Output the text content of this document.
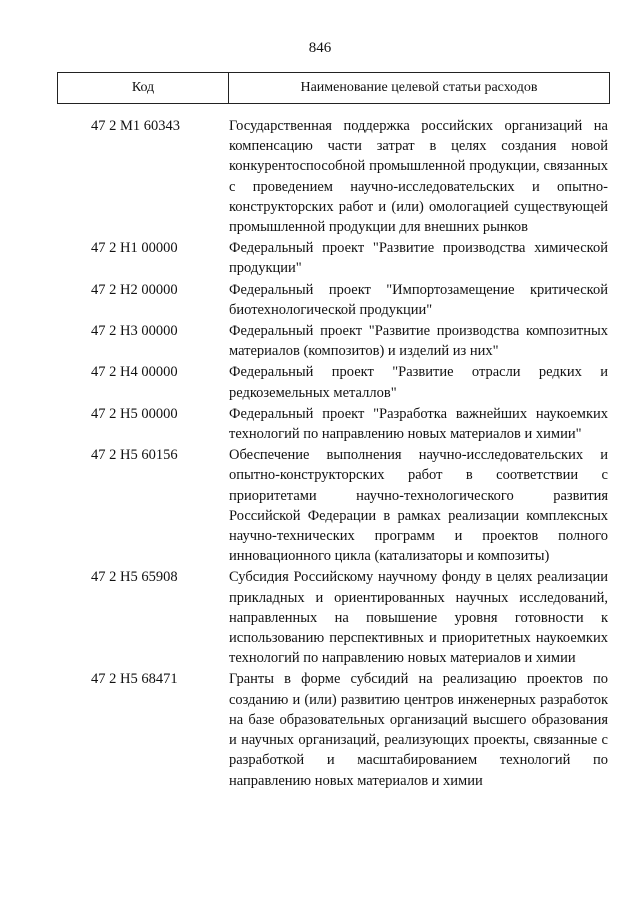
846
Код	Наименование целевой статьи расходов
47 2 M1 60343	Государственная поддержка российских организаций на компенсацию части затрат в целях создания новой конкурентоспособной промышленной продукции, связанных с проведением научно-исследовательских и опытно-конструкторских работ и (или) омологацией существующей промышленной продукции для внешних рынков
47 2 H1 00000	Федеральный проект "Развитие производства химической продукции"
47 2 H2 00000	Федеральный проект "Импортозамещение критической биотехнологической продукции"
47 2 H3 00000	Федеральный проект "Развитие производства композитных материалов (композитов) и изделий из них"
47 2 H4 00000	Федеральный проект "Развитие отрасли редких и редкоземельных металлов"
47 2 H5 00000	Федеральный проект "Разработка важнейших наукоемких технологий по направлению новых материалов и химии"
47 2 H5 60156	Обеспечение выполнения научно-исследовательских и опытно-конструкторских работ в соответствии с приоритетами научно-технологического развития Российской Федерации в рамках реализации комплексных научно-технических программ и проектов полного инновационного цикла (катализаторы и композиты)
47 2 H5 65908	Субсидия Российскому научному фонду в целях реализации прикладных и ориентированных научных исследований, направленных на повышение уровня готовности к использованию перспективных и приоритетных наукоемких технологий по направлению новых материалов и химии
47 2 H5 68471	Гранты в форме субсидий на реализацию проектов по созданию и (или) развитию центров инженерных разработок на базе образовательных организаций высшего образования и научных организаций, реализующих проекты, связанные с разработкой и масштабированием технологий по направлению новых материалов и химии
